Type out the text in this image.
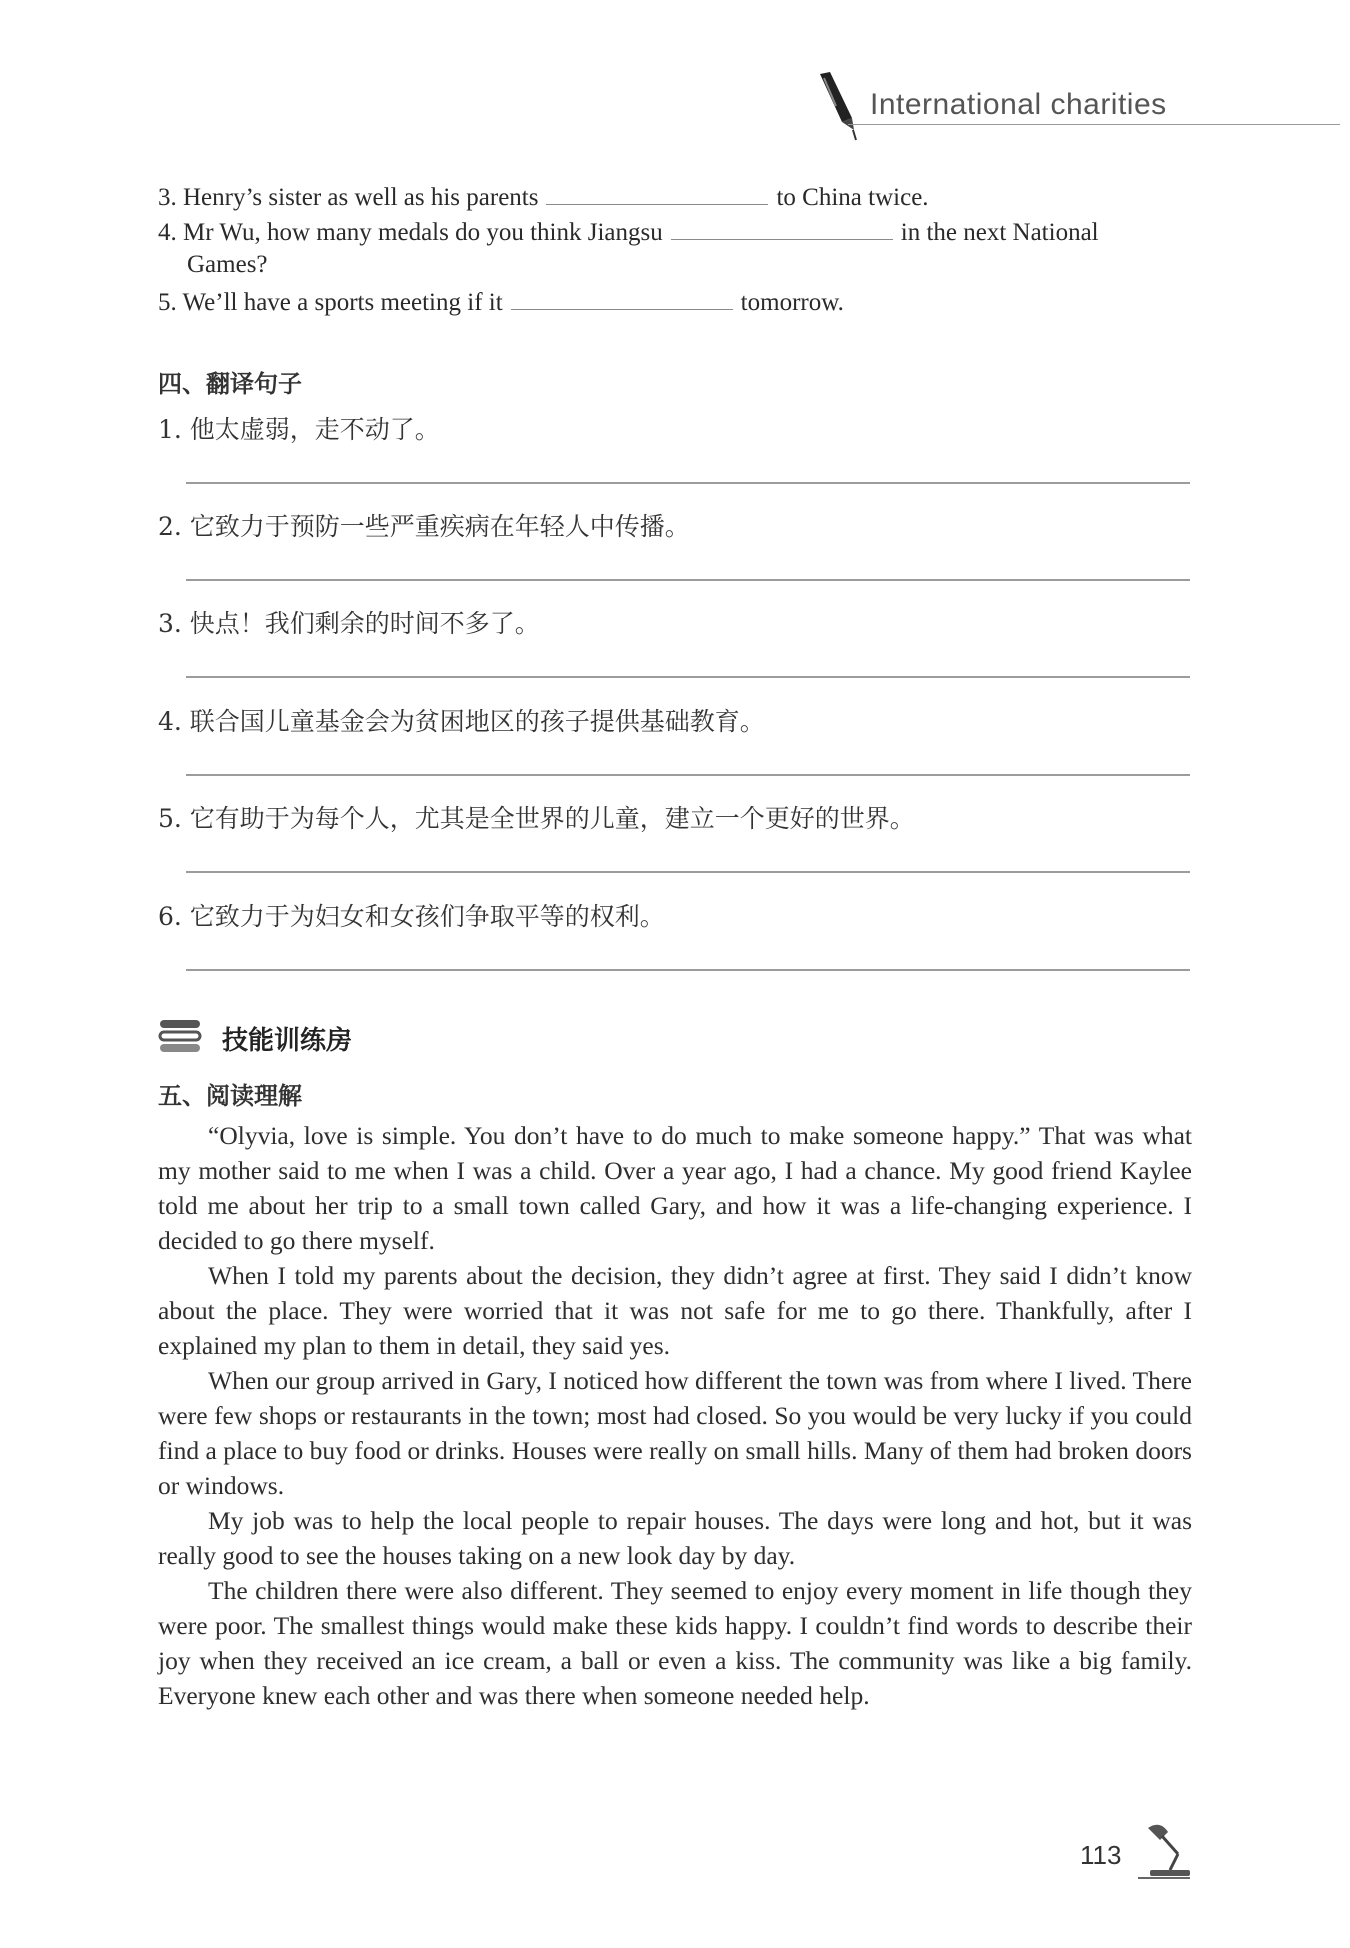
International charities
3. Henry’s sister as well as his parents	to China twice.
4. Mr Wu, how many medals do you think Jiangsu	in the next National
Games?
5. We’ll have a sports meeting if it	tomorrow.
四、翻译句子
1. 他太虚弱，走不动了。
2. 它致力于预防一些严重疾病在年轻人中传播。
3. 快点！我们剩余的时间不多了。
4. 联合国儿童基金会为贫困地区的孩子提供基础教育。
5. 它有助于为每个人，尤其是全世界的儿童，建立一个更好的世界。
6. 它致力于为妇女和女孩们争取平等的权利。
技能训练房
五、阅读理解

“Olyvia, love is simple. You don’t have to do much to make someone happy.” That was what my mother said to me when I was a child. Over a year ago, I had a chance. My good friend Kaylee told me about her trip to a small town called Gary, and how it was a life-changing experience. I decided to go there myself.

When I told my parents about the decision, they didn’t agree at first. They said I didn’t know about the place. They were worried that it was not safe for me to go there. Thankfully, after I explained my plan to them in detail, they said yes.

When our group arrived in Gary, I noticed how different the town was from where I lived. There were few shops or restaurants in the town; most had closed. So you would be very lucky if you could find a place to buy food or drinks. Houses were really on small hills. Many of them had broken doors or windows.

My job was to help the local people to repair houses. The days were long and hot, but it was really good to see the houses taking on a new look day by day.

The children there were also different. They seemed to enjoy every moment in life though they were poor. The smallest things would make these kids happy. I couldn’t find words to describe their joy when they received an ice cream, a ball or even a kiss. The community was like a big family. Everyone knew each other and was there when someone needed help.

113
